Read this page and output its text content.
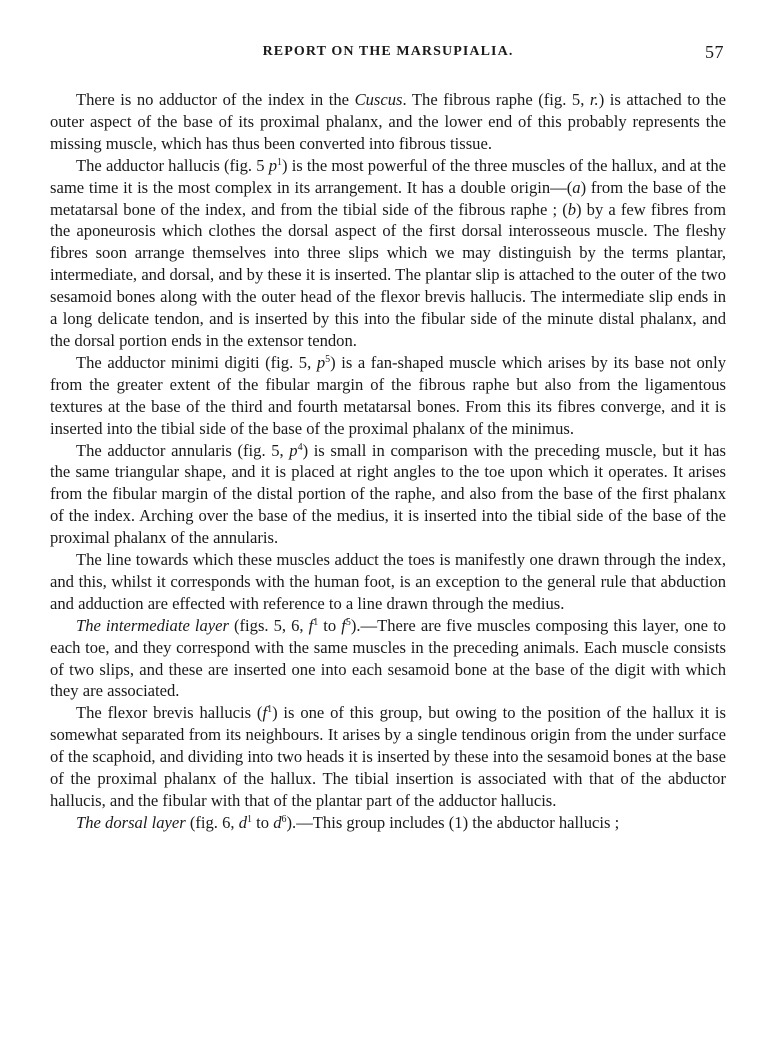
REPORT ON THE MARSUPIALIA.	57

There is no adductor of the index in the Cuscus. The fibrous raphe (fig. 5, r.) is attached to the outer aspect of the base of its proximal phalanx, and the lower end of this probably represents the missing muscle, which has thus been converted into fibrous tissue.

The adductor hallucis (fig. 5 $p^1$) is the most powerful of the three muscles of the hallux, and at the same time it is the most complex in its arrangement. It has a double origin—(a) from the base of the metatarsal bone of the index, and from the tibial side of the fibrous raphe ; (b) by a few fibres from the aponeurosis which clothes the dorsal aspect of the first dorsal interosseous muscle. The fleshy fibres soon arrange themselves into three slips which we may distinguish by the terms plantar, intermediate, and dorsal, and by these it is inserted. The plantar slip is attached to the outer of the two sesamoid bones along with the outer head of the flexor brevis hallucis. The intermediate slip ends in a long delicate tendon, and is inserted by this into the fibular side of the minute distal phalanx, and the dorsal portion ends in the extensor tendon.

The adductor minimi digiti (fig. 5, $p^5$) is a fan-shaped muscle which arises by its base not only from the greater extent of the fibular margin of the fibrous raphe but also from the ligamentous textures at the base of the third and fourth metatarsal bones. From this its fibres converge, and it is inserted into the tibial side of the base of the proximal phalanx of the minimus.

The adductor annularis (fig. 5, $p^4$) is small in comparison with the preceding muscle, but it has the same triangular shape, and it is placed at right angles to the toe upon which it operates. It arises from the fibular margin of the distal portion of the raphe, and also from the base of the first phalanx of the index. Arching over the base of the medius, it is inserted into the tibial side of the base of the proximal phalanx of the annularis.

The line towards which these muscles adduct the toes is manifestly one drawn through the index, and this, whilst it corresponds with the human foot, is an exception to the general rule that abduction and adduction are effected with reference to a line drawn through the medius.

The intermediate layer (figs. 5, 6, $f^1$ to $f^5).—There$ are five muscles composing this layer, one to each toe, and they correspond with the same muscles in the preceding animals. Each muscle consists of two slips, and these are inserted one into each sesamoid bone at the base of the digit with which they are associated.

The flexor brevis hallucis $(f^1)$ is one of this group, but owing to the position of the hallux it is somewhat separated from its neighbours. It arises by a single tendinous origin from the under surface of the scaphoid, and dividing into two heads it is inserted by these into the sesamoid bones at the base of the proximal phalanx of the hallux. The tibial insertion is associated with that of the abductor hallucis, and the fibular with that of the plantar part of the adductor hallucis.

The dorsal layer (fig. 6, $d^1$ to $d^6).—This$ group includes (1) the abductor hallucis ;
